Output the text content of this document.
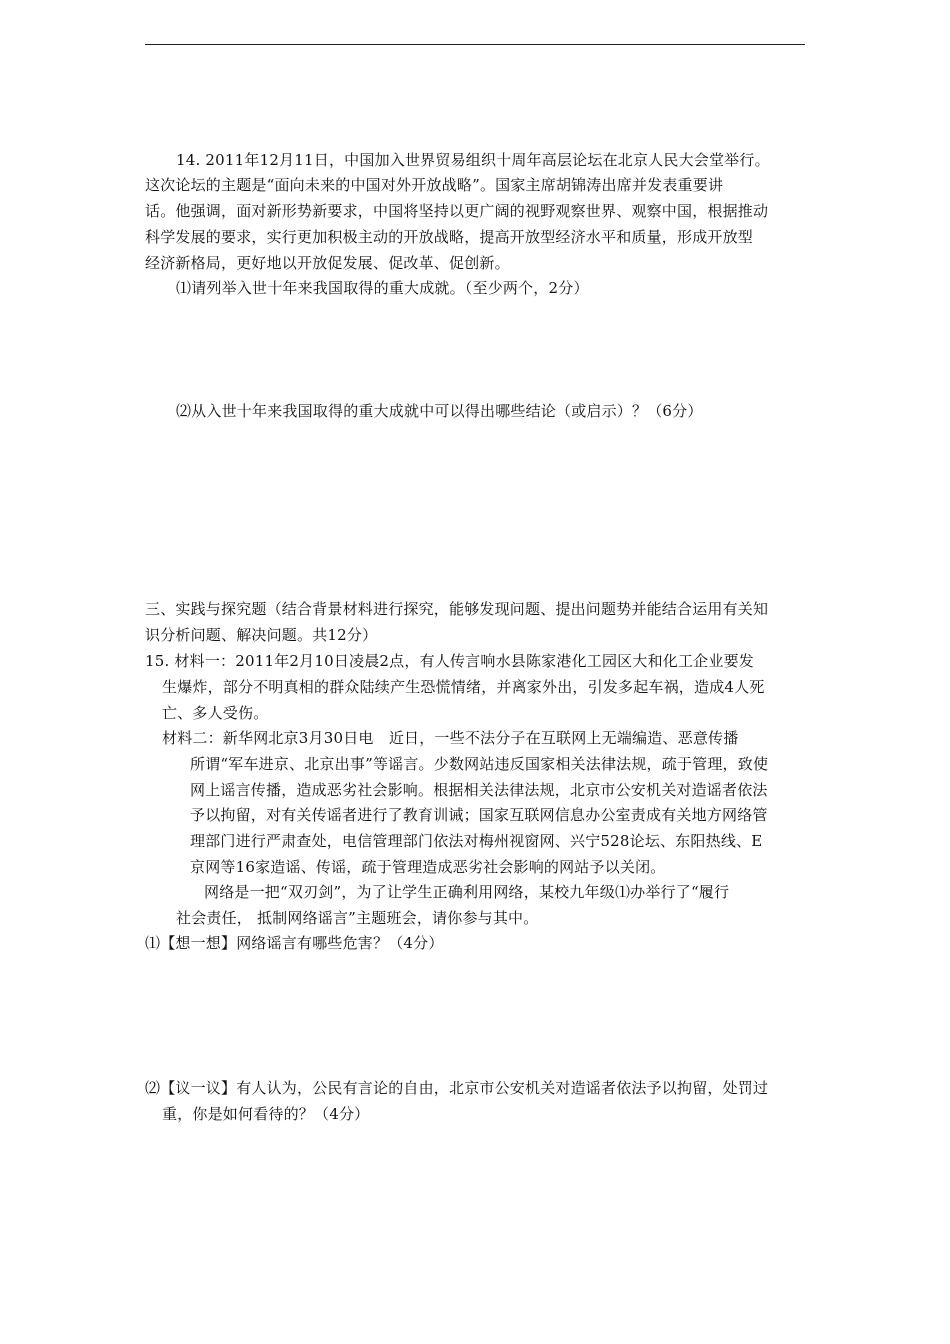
14. 2011年12月11日，中国加入世界贸易组织十周年高层论坛在北京人民大会堂举行。
这次论坛的主题是“面向未来的中国对外开放战略”。国家主席胡锦涛出席并发表重要讲
话。他强调，面对新形势新要求，中国将坚持以更广阔的视野观察世界、观察中国，根据推动
科学发展的要求，实行更加积极主动的开放战略，提高开放型经济水平和质量，形成开放型
经济新格局，更好地以开放促发展、促改革、促创新。
⑴请列举入世十年来我国取得的重大成就。（至少两个，2分）
⑵从入世十年来我国取得的重大成就中可以得出哪些结论（或启示）？（6分）
三、实践与探究题（结合背景材料进行探究，能够发现问题、提出问题势并能结合运用有关知
识分析问题、解决问题。共12分）
15. 材料一：2011年2月10日凌晨2点，有人传言响水县陈家港化工园区大和化工企业要发
生爆炸，部分不明真相的群众陆续产生恐慌情绪，并离家外出，引发多起车祸，造成4人死
亡、多人受伤。
材料二：新华网北京3月30日电　近日，一些不法分子在互联网上无端编造、恶意传播
所谓“军车进京、北京出事”等谣言。少数网站违反国家相关法律法规，疏于管理，致使
网上谣言传播，造成恶劣社会影响。根据相关法律法规，北京市公安机关对造谣者依法
予以拘留，对有关传谣者进行了教育训诫；国家互联网信息办公室责成有关地方网络管
理部门进行严肃查处，电信管理部门依法对梅州视窗网、兴宁528论坛、东阳热线、E
京网等16家造谣、传谣，疏于管理造成恶劣社会影响的网站予以关闭。
网络是一把“双刃剑”，为了让学生正确利用网络，某校九年级⑴办举行了“履行
社会责任， 抵制网络谣言”主题班会，请你参与其中。
⑴【想一想】网络谣言有哪些危害？（4分）
⑵【议一议】有人认为，公民有言论的自由，北京市公安机关对造谣者依法予以拘留，处罚过
重，你是如何看待的？（4分）
